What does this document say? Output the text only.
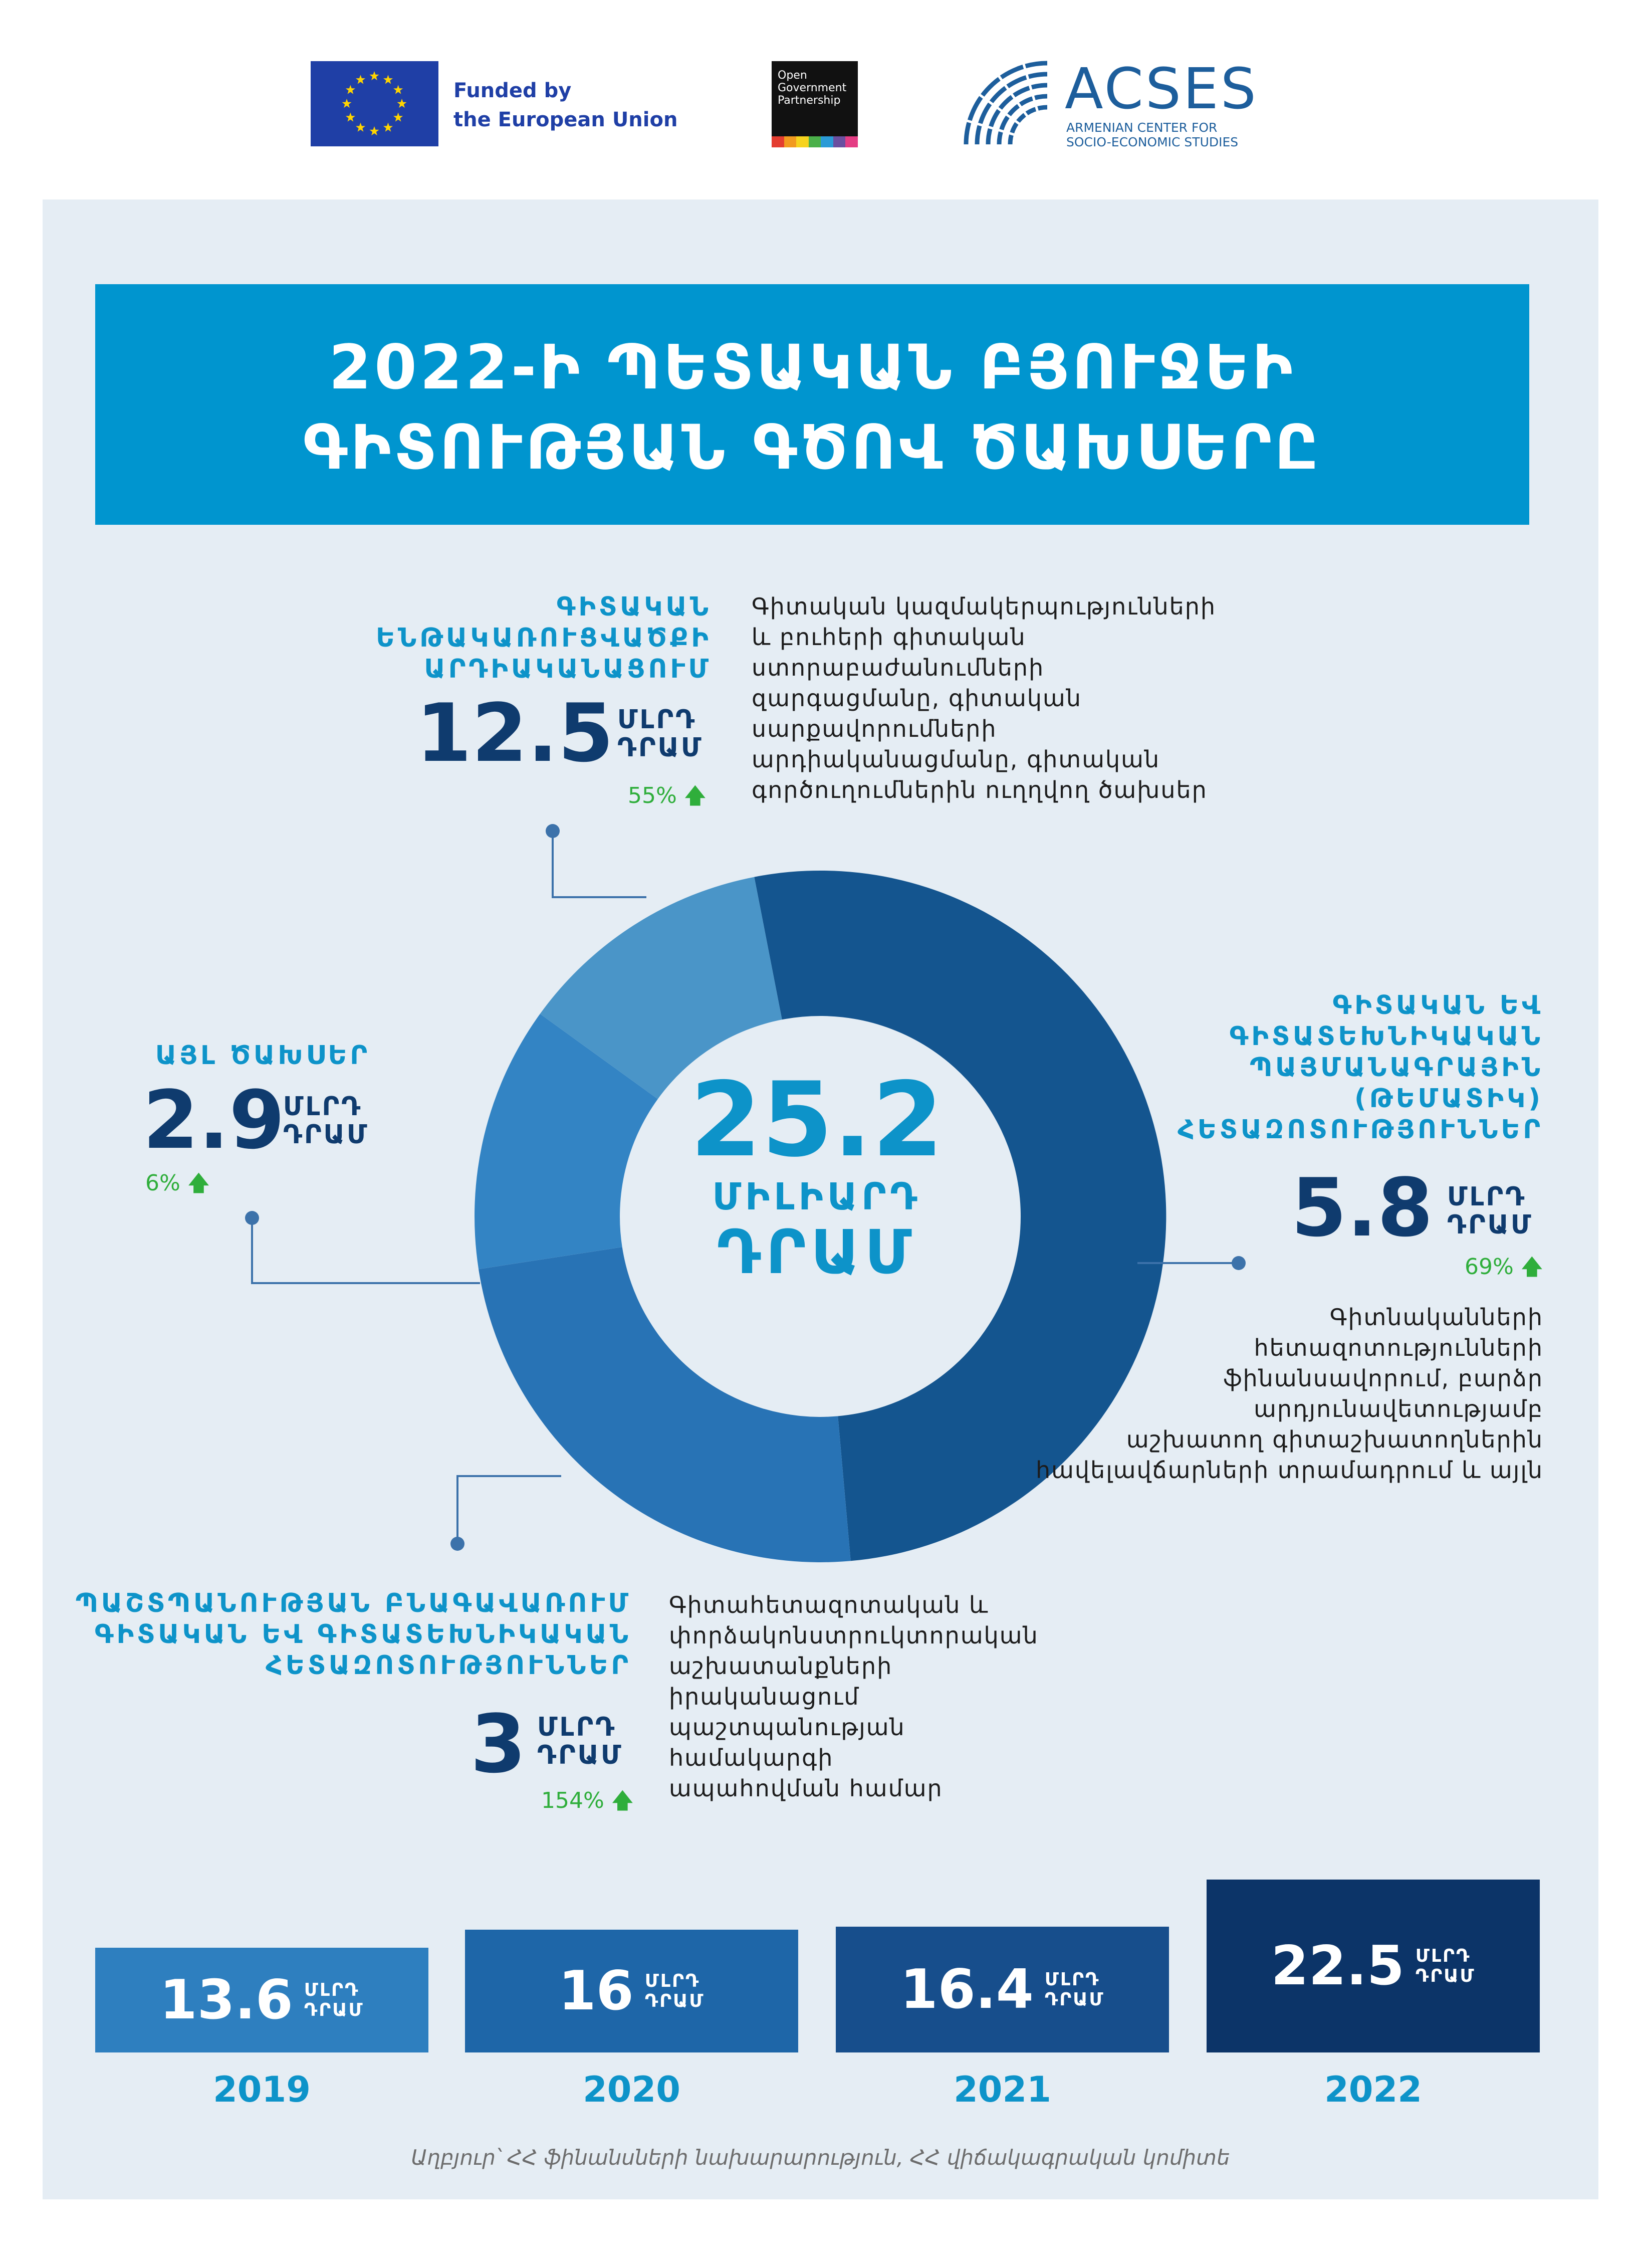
Funded by
the European Union
Open
Government
Partnership	ACSES
ARMENIAN CENTER FOR
SOCIO-ECONOMIC STUDIES
2022-Ի ՊԵՏԱԿԱՆ ԲՅՈՒՋԵԻ
ԳԻՏՈՒԹՅԱՆ ԳԾՈՎ ԾԱԽՍԵՐԸ
25.2
ՄԻԼԻԱՐԴ
ԴՐԱՄ
ԳԻՏԱԿԱՆ
ԵՆԹԱԿԱՌՈՒՑՎԱԾՔԻ
ԱՐԴԻԱԿԱՆԱՑՈՒՄ
12.5 ՄԼՐԴ
ԴՐԱՄ
55% 🡅
Գիտական կազմակերպությունների
և բուհերի գիտական
ստորաբաժանումների
զարգացմանը, գիտական
սարքավորումների
արդիականացմանը, գիտական
գործուղումներին ուղղվող ծախսեր
ԳԻՏԱԿԱՆ ԵՎ
ԳԻՏԱՏԵԽՆԻԿԱԿԱՆ
ՊԱՅՄԱՆԱԳՐԱՅԻՆ
(ԹԵՄԱՏԻԿ)
ՀԵՏԱԶՈՏՈՒԹՅՈՒՆՆԵՐ
5.8 ՄԼՐԴ
ԴՐԱՄ
69% 🡅
Գիտնականների
հետազոտությունների
ֆինանսավորում, բարձր
արդյունավետությամբ
աշխատող գիտաշխատողներին
հավելավճարների տրամադրում և այլն
ԱՅԼ ԾԱԽՍԵՐ
2.9
ՄԼՐԴ
ԴՐԱՄ
6% 🡅
ՊԱՇՏՊԱՆՈՒԹՅԱՆ ԲՆԱԳԱՎԱՌՈՒՄ
ԳԻՏԱԿԱՆ ԵՎ ԳԻՏԱՏԵԽՆԻԿԱԿԱՆ
ՀԵՏԱԶՈՏՈՒԹՅՈՒՆՆԵՐ
3 ՄԼՐԴ
ԴՐԱՄ
154% 🡅
Գիտահետազոտական և
փորձակոնստրուկտորական
աշխատանքների
իրականացում
պաշտպանության
համակարգի
ապահովման համար
13.6 ՄԼՐԴ
ԴՐԱՄ
2019
16 ՄԼՐԴ
ԴՐԱՄ
2020
16.4 ՄԼՐԴ
ԴՐԱՄ
2021
22.5 ՄԼՐԴ
ԴՐԱՄ
2022
Աղբյուր՝ ՀՀ ֆինանսների նախարարություն, ՀՀ վիճակագրական կոմիտե
